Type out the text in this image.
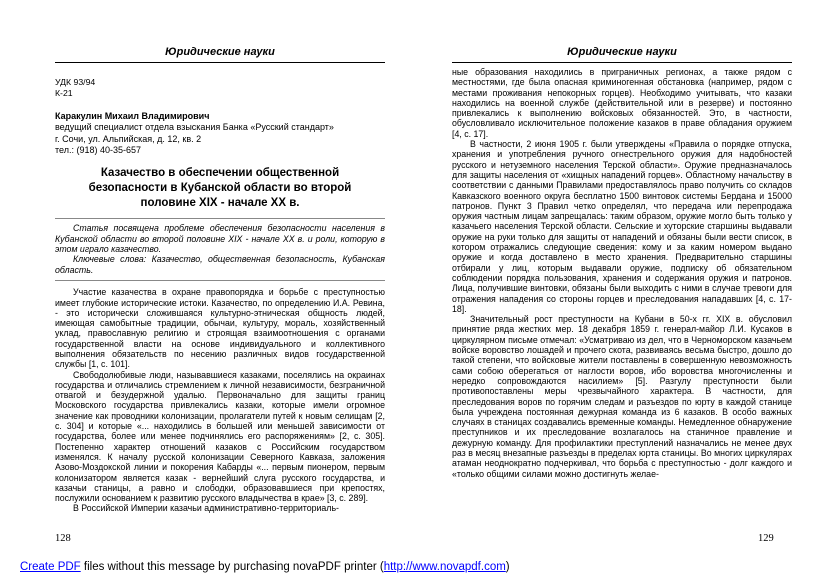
Юридические науки
УДК 93/94
К-21
Каракулин Михаил Владимирович
ведущий специалист отдела взыскания Банка «Русский стандарт»
г. Сочи, ул. Альпийская, д. 12, кв. 2
тел.: (918) 40-35-657
Казачество в обеспечении общественной безопасности в Кубанской области во второй половине XIX - начале XX в.

Статья посвящена проблеме обеспечения безопасности населения в Кубанской области во второй половине XIX - начале XX в. и роли, которую в этом играло казачество.

Ключевые слова: Казачество, общественная безопасность, Кубанская область.

Участие казачества в охране правопорядка и борьбе с преступностью имеет глубокие исторические истоки. Казачество, по определению И.А. Ревина, - это исторически сложившаяся культурно-этническая общность людей, имеющая самобытные традиции, обычаи, культуру, мораль, хозяйственный уклад, православную религию и строящая взаимоотношения с органами государственной власти на основе индивидуального и коллективного выполнения обязательств по несению различных видов государственной службы [1, с. 101].

Свободолюбивые люди, называвшиеся казаками, поселялись на окраинах государства и отличались стремлением к личной независимости, безграничной отвагой и безудержной удалью. Первоначально для защиты границ Московского государства привлекались казаки, которые имели огромное значение как проводники колонизации, пролагатели путей к новым селищам [2, с. 304] и которые «... находились в большей или меньшей зависимости от государства, более или менее подчинялись его распоряжениям» [2, с. 305]. Постепенно характер отношений казаков с Российским государством изменялся. К началу русской колонизации Северного Кавказа, заложения Азово-Моздокской линии и покорения Кабарды «... первым пионером, первым колонизатором является казак - вернейший слуга русского государства, и казачьи станицы, а равно и слободки, образовавшиеся при крепостях, послужили основанием к развитию русского владычества в крае» [3, с. 289].

В Российской Империи казачьи административно-территориаль-

Юридические науки

ные образования находились в приграничных регионах, а также рядом с местностями, где была опасная криминогенная обстановка (например, рядом с местами проживания непокорных горцев). Необходимо учитывать, что казаки находились на военной службе (действительной или в резерве) и постоянно привлекались к выполнению войсковых обязанностей. Это, в частности, обусловливало исключительное положение казаков в праве обладания оружием [4, с. 17].

В частности, 2 июня 1905 г. были утверждены «Правила о порядке отпуска, хранения и употребления ручного огнестрельного оружия для надобностей русского и нетуземного населения Терской области». Оружие предназначалось для защиты населения от «хищных нападений горцев». Областному начальству в соответствии с данными Правилами предоставлялось право получить со складов Кавказского военного округа бесплатно 1500 винтовок системы Бердана и 15000 патронов. Пункт 3 Правил четко определял, что передача или перепродажа оружия частным лицам запрещалась: таким образом, оружие могло быть только у казачьего населения Терской области. Сельские и хуторские старшины выдавали оружие на руки только для защиты от нападений и обязаны были вести список, в котором отражались следующие сведения: кому и за каким номером выдано оружие и когда доставлено в место хранения. Предварительно старшины отбирали у лиц, которым выдавали оружие, подписку об обязательном соблюдении порядка пользования, хранения и содержания оружия и патронов. Лица, получившие винтовки, обязаны были выходить с ними в случае тревоги для отражения нападения со стороны горцев и преследования нападавших [4, с. 17-18].

Значительный рост преступности на Кубани в 50-х гг. XIX в. обусловил принятие ряда жестких мер. 18 декабря 1859 г. генерал-майор Л.И. Кусаков в циркулярном письме отмечал: «Усматриваю из дел, что в Черноморском казачьем войске воровство лошадей и прочего скота, развиваясь весьма быстро, дошло до такой степени, что войсковые жители поставлены в совершенную невозможность сами собою оберегаться от наглости воров, ибо воровства многочисленны и нередко сопровождаются насилием» [5]. Разгулу преступности были противопоставлены меры чрезвычайного характера. В частности, для преследования воров по горячим следам и разъездов по юрту в каждой станице была учреждена постоянная дежурная команда из 6 казаков. В особо важных случаях в станицах создавались временные команды. Немедленное обнаружение преступников и их преследование возлагалось на станичное правление и дежурную команду. Для профилактики преступлений назначались не менее двух раз в месяц внезапные разъезды в пределах юрта станицы. Во многих циркулярах атаман неоднократно подчеркивал, что борьба с преступностью - долг каждого и «только общими силами можно достигнуть желае-

128	129
Create PDF files without this message by purchasing novaPDF printer (http://www.novapdf.com)
